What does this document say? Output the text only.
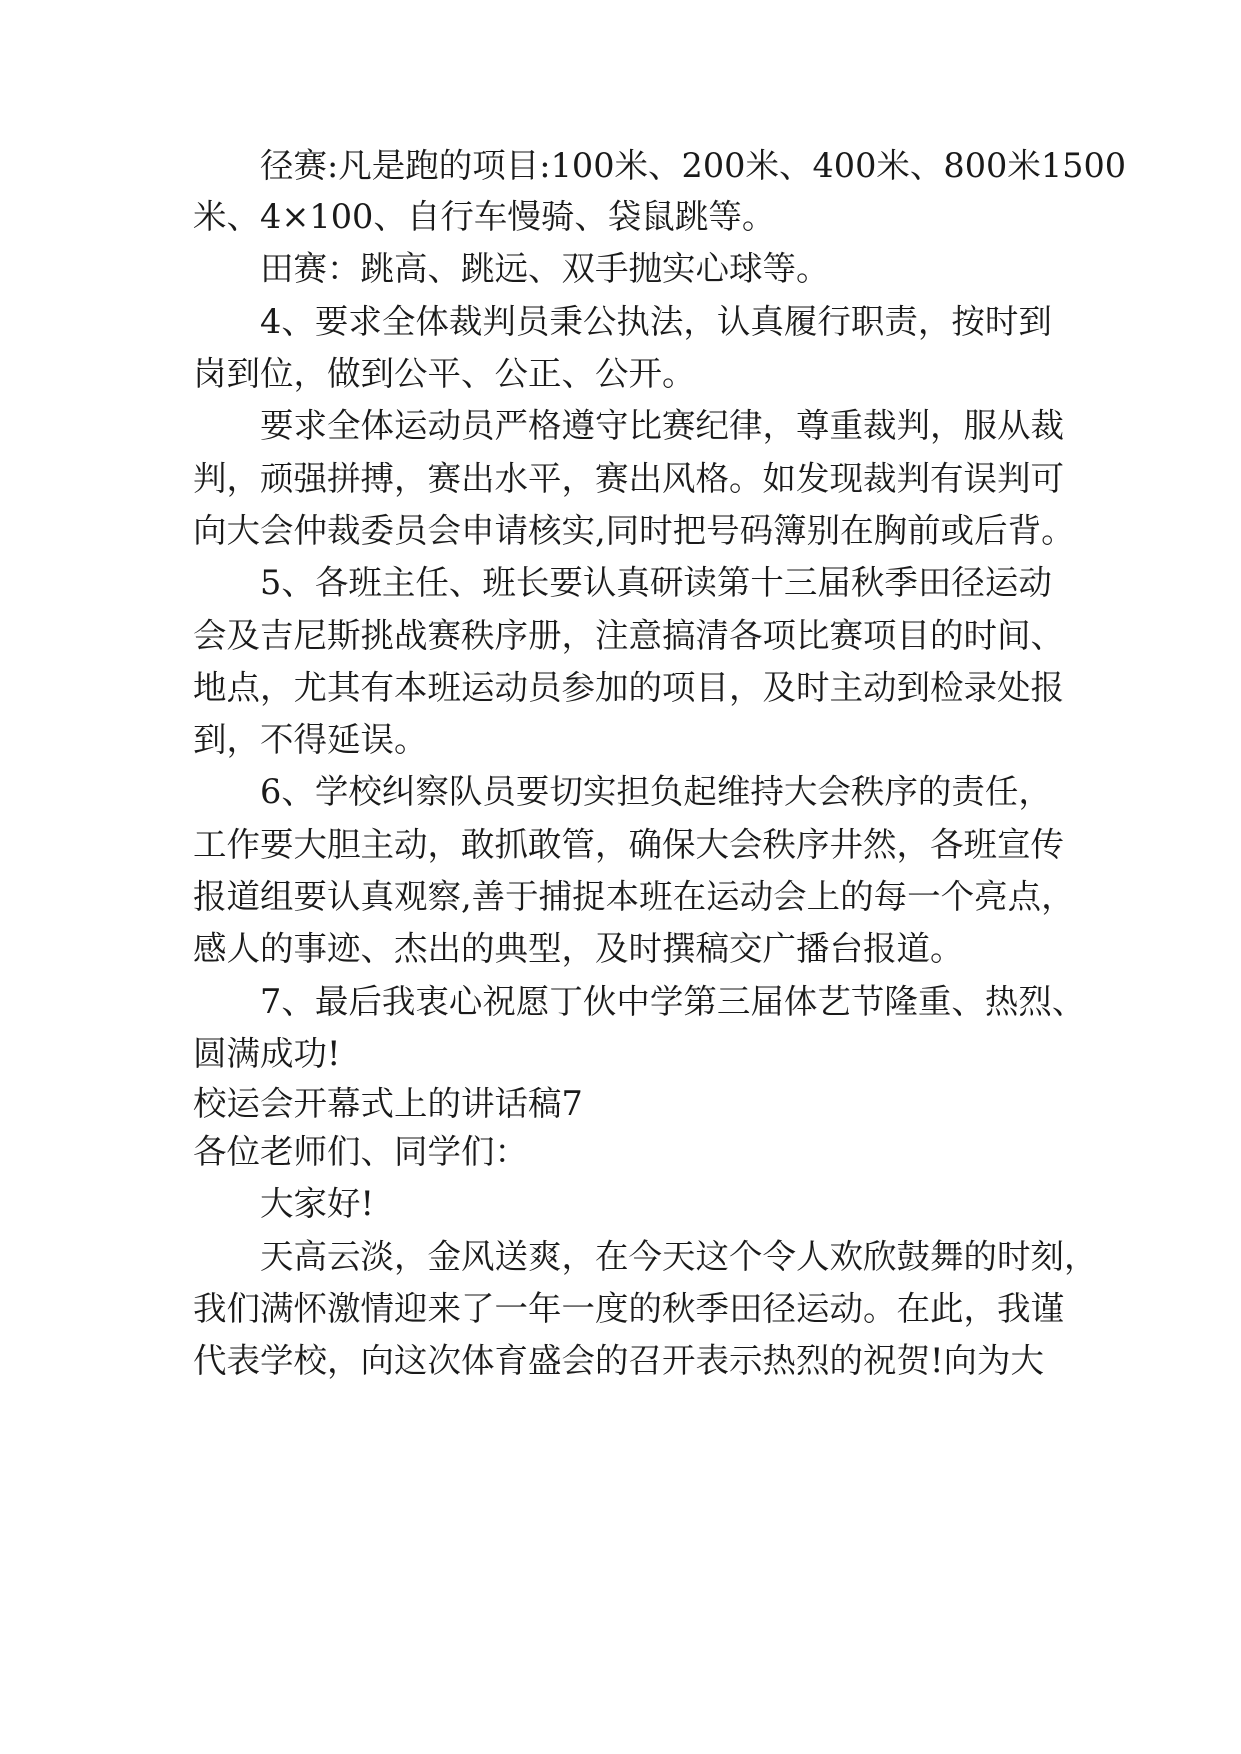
径赛:凡是跑的项目:100米、200米、400米、800米1500
米、4×100、自行车慢骑、袋鼠跳等。
田赛：跳高、跳远、双手抛实心球等。
4、要求全体裁判员秉公执法，认真履行职责，按时到
岗到位，做到公平、公正、公开。
要求全体运动员严格遵守比赛纪律，尊重裁判，服从裁
判，顽强拼搏，赛出水平，赛出风格。如发现裁判有误判可
向大会仲裁委员会申请核实,同时把号码簿别在胸前或后背。
5、各班主任、班长要认真研读第十三届秋季田径运动
会及吉尼斯挑战赛秩序册，注意搞清各项比赛项目的时间、
地点，尤其有本班运动员参加的项目，及时主动到检录处报
到，不得延误。
6、学校纠察队员要切实担负起维持大会秩序的责任，
工作要大胆主动，敢抓敢管，确保大会秩序井然，各班宣传
报道组要认真观察,善于捕捉本班在运动会上的每一个亮点，
感人的事迹、杰出的典型，及时撰稿交广播台报道。
7、最后我衷心祝愿丁伙中学第三届体艺节隆重、热烈、
圆满成功!
校运会开幕式上的讲话稿7
各位老师们、同学们：
大家好!
天高云淡，金风送爽，在今天这个令人欢欣鼓舞的时刻，
我们满怀激情迎来了一年一度的秋季田径运动。在此，我谨
代表学校，向这次体育盛会的召开表示热烈的祝贺!向为大
